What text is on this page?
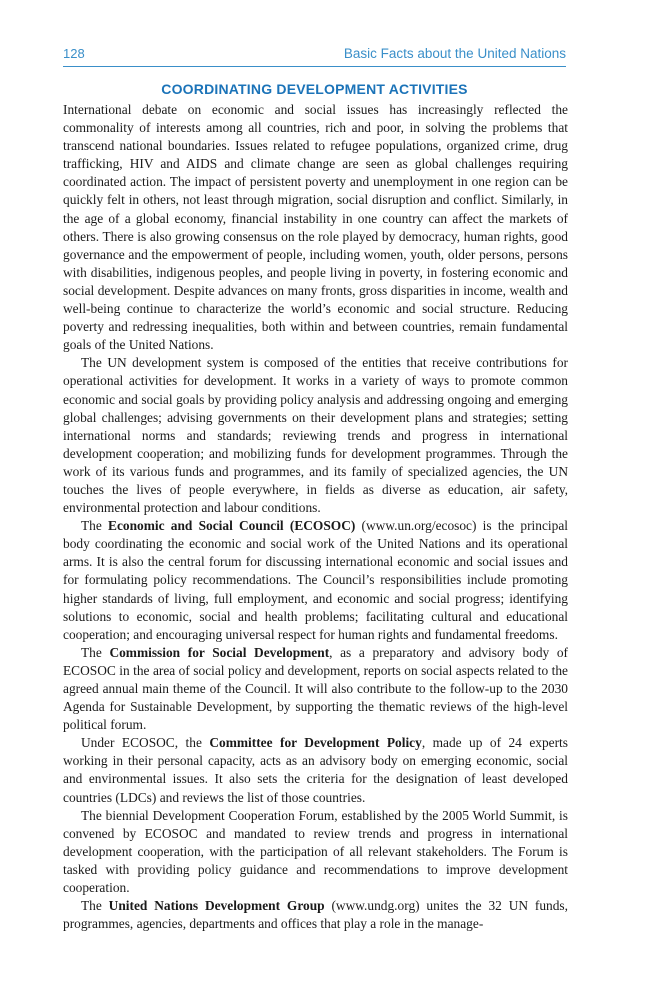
128	Basic Facts about the United Nations
COORDINATING DEVELOPMENT ACTIVITIES

International debate on economic and social issues has increasingly reflected the commonality of interests among all countries, rich and poor, in solving the problems that transcend national boundaries. Issues related to refugee populations, organized crime, drug trafficking, HIV and AIDS and climate change are seen as global challenges requiring coordinated action. The impact of persistent poverty and unemployment in one region can be quickly felt in others, not least through migration, social disruption and conflict. Similarly, in the age of a global economy, financial instability in one country can affect the markets of others. There is also growing consensus on the role played by democracy, human rights, good governance and the empowerment of people, including women, youth, older persons, persons with disabilities, indigenous peoples, and people living in poverty, in fostering economic and social development. Despite advances on many fronts, gross disparities in income, wealth and well-being continue to characterize the world’s economic and social structure. Reducing poverty and redressing inequalities, both within and between countries, remain fundamental goals of the United Nations.

The UN development system is composed of the entities that receive contributions for operational activities for development. It works in a variety of ways to promote common economic and social goals by providing policy analysis and addressing ongoing and emerging global challenges; advising governments on their development plans and strategies; setting international norms and standards; reviewing trends and progress in international development cooperation; and mobilizing funds for development programmes. Through the work of its various funds and programmes, and its family of specialized agencies, the UN touches the lives of people everywhere, in fields as diverse as education, air safety, environmental protection and labour conditions.

The Economic and Social Council (ECOSOC) (www.un.org/ecosoc) is the principal body coordinating the economic and social work of the United Nations and its operational arms. It is also the central forum for discussing international economic and social issues and for formulating policy recommendations. The Council’s responsibilities include promoting higher standards of living, full employment, and economic and social progress; identifying solutions to economic, social and health problems; facilitating cultural and educational cooperation; and encouraging universal respect for human rights and fundamental freedoms.

The Commission for Social Development, as a preparatory and advisory body of ECOSOC in the area of social policy and development, reports on social aspects related to the agreed annual main theme of the Council. It will also contribute to the follow-up to the 2030 Agenda for Sustainable Development, by supporting the thematic reviews of the high-level political forum.

Under ECOSOC, the Committee for Development Policy, made up of 24 experts working in their personal capacity, acts as an advisory body on emerging economic, social and environmental issues. It also sets the criteria for the designation of least developed countries (LDCs) and reviews the list of those countries.

The biennial Development Cooperation Forum, established by the 2005 World Summit, is convened by ECOSOC and mandated to review trends and progress in international development cooperation, with the participation of all relevant stakeholders. The Forum is tasked with providing policy guidance and recommendations to improve development cooperation.

The United Nations Development Group (www.undg.org) unites the 32 UN funds, programmes, agencies, departments and offices that play a role in the manage-
